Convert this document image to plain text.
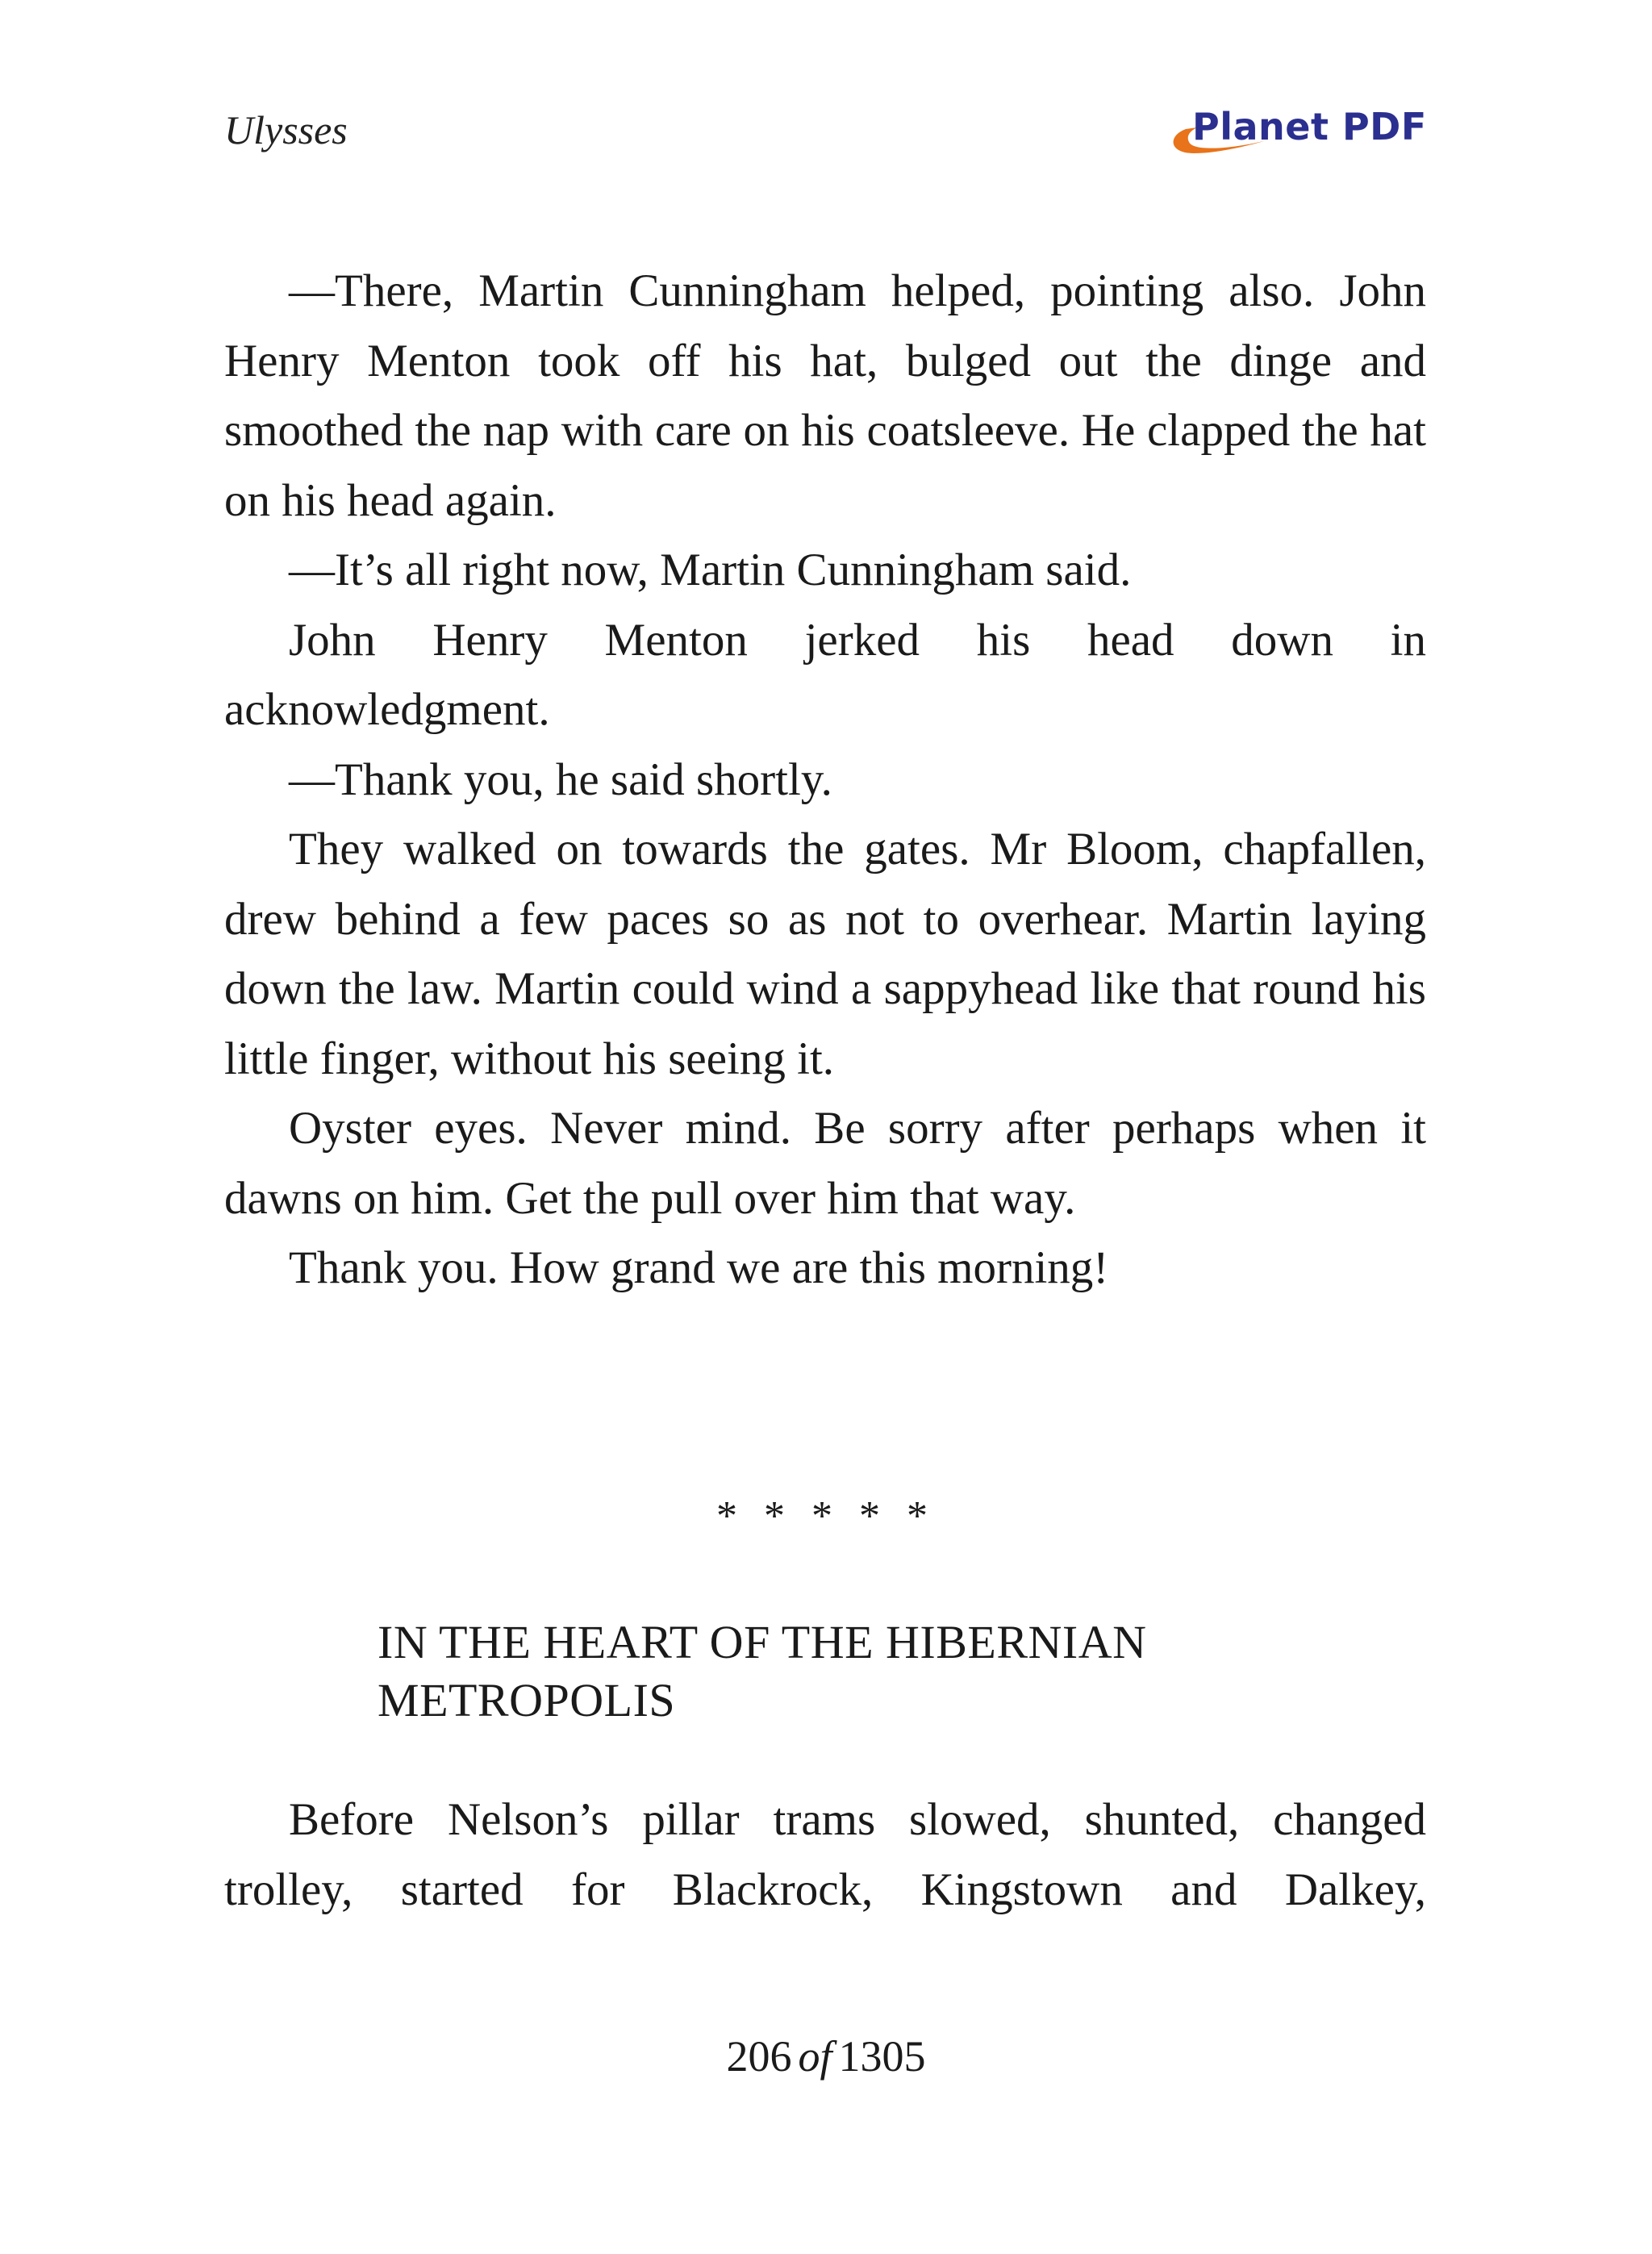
Ulysses	Planet PDF

—There, Martin Cunningham helped, pointing also. John Henry Menton took off his hat, bulged out the dinge and smoothed the nap with care on his coatsleeve. He clapped the hat on his head again.

—It’s all right now, Martin Cunningham said.

John Henry Menton jerked his head down in acknowledgment.

—Thank you, he said shortly.

They walked on towards the gates. Mr Bloom, chapfallen, drew behind a few paces so as not to overhear. Martin laying down the law. Martin could wind a sappyhead like that round his little finger, without his seeing it.

Oyster eyes. Never mind. Be sorry after perhaps when it dawns on him. Get the pull over him that way.

Thank you. How grand we are this morning!

* * * * *
IN THE HEART OF THE HIBERNIAN
METROPOLIS

Before Nelson’s pillar trams slowed, shunted, changed trolley, started for Blackrock, Kingstown and Dalkey,

206 of 1305
